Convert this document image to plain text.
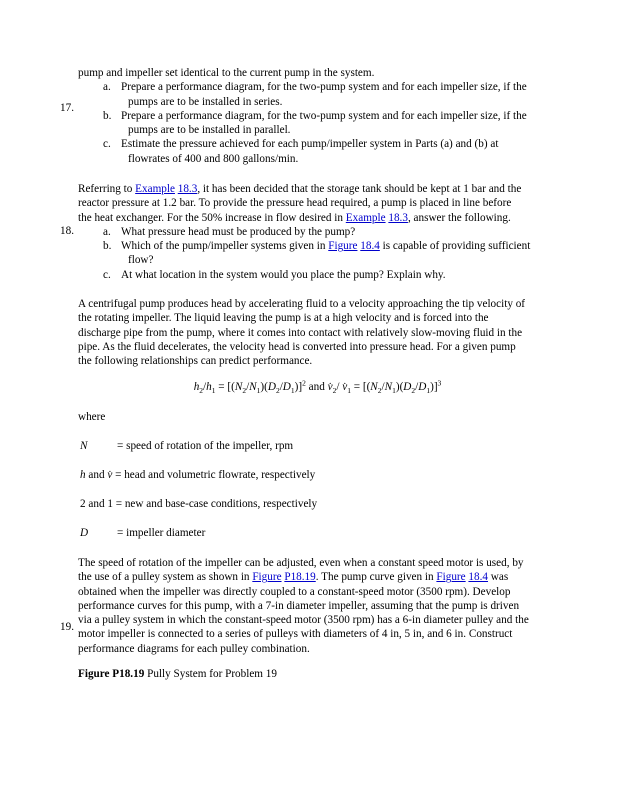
pump and impeller set identical to the current pump in the system.
a. Prepare a performance diagram, for the two-pump system and for each impeller size, if the
pumps are to be installed in series.
b. Prepare a performance diagram, for the two-pump system and for each impeller size, if the
pumps are to be installed in parallel.
c. Estimate the pressure achieved for each pump/impeller system in Parts (a) and (b) at
flowrates of 400 and 800 gallons/min.
17.
Referring to Example 18.3, it has been decided that the storage tank should be kept at 1 bar and the
reactor pressure at 1.2 bar. To provide the pressure head required, a pump is placed in line before
the heat exchanger. For the 50% increase in flow desired in Example 18.3, answer the following.
a. What pressure head must be produced by the pump?
b. Which of the pump/impeller systems given in Figure 18.4 is capable of providing sufficient
flow?
c. At what location in the system would you place the pump? Explain why.
18.
A centrifugal pump produces head by accelerating fluid to a velocity approaching the tip velocity of
the rotating impeller. The liquid leaving the pump is at a high velocity and is forced into the
discharge pipe from the pump, where it comes into contact with relatively slow-moving fluid in the
pipe. As the fluid decelerates, the velocity head is converted into pressure head. For a given pump
the following relationships can predict performance.
$h_2/h_1 = [(N_2/N_1)(D_2/D_1)]^2$ and $v̇_2/$ $v̇_1 = [(N_2/N_1)(D_2/D_1)]^3$
where
N	= speed of rotation of the impeller, rpm
h and v̇ = head and volumetric flowrate, respectively
2 and 1 = new and base-case conditions, respectively
D	= impeller diameter
The speed of rotation of the impeller can be adjusted, even when a constant speed motor is used, by
the use of a pulley system as shown in Figure P18.19. The pump curve given in Figure 18.4 was
obtained when the impeller was directly coupled to a constant-speed motor (3500 rpm). Develop
performance curves for this pump, with a 7-in diameter impeller, assuming that the pump is driven
via a pulley system in which the constant-speed motor (3500 rpm) has a 6-in diameter pulley and the
motor impeller is connected to a series of pulleys with diameters of 4 in, 5 in, and 6 in. Construct
performance diagrams for each pulley combination.
19.
Figure P18.19 Pully System for Problem 19
